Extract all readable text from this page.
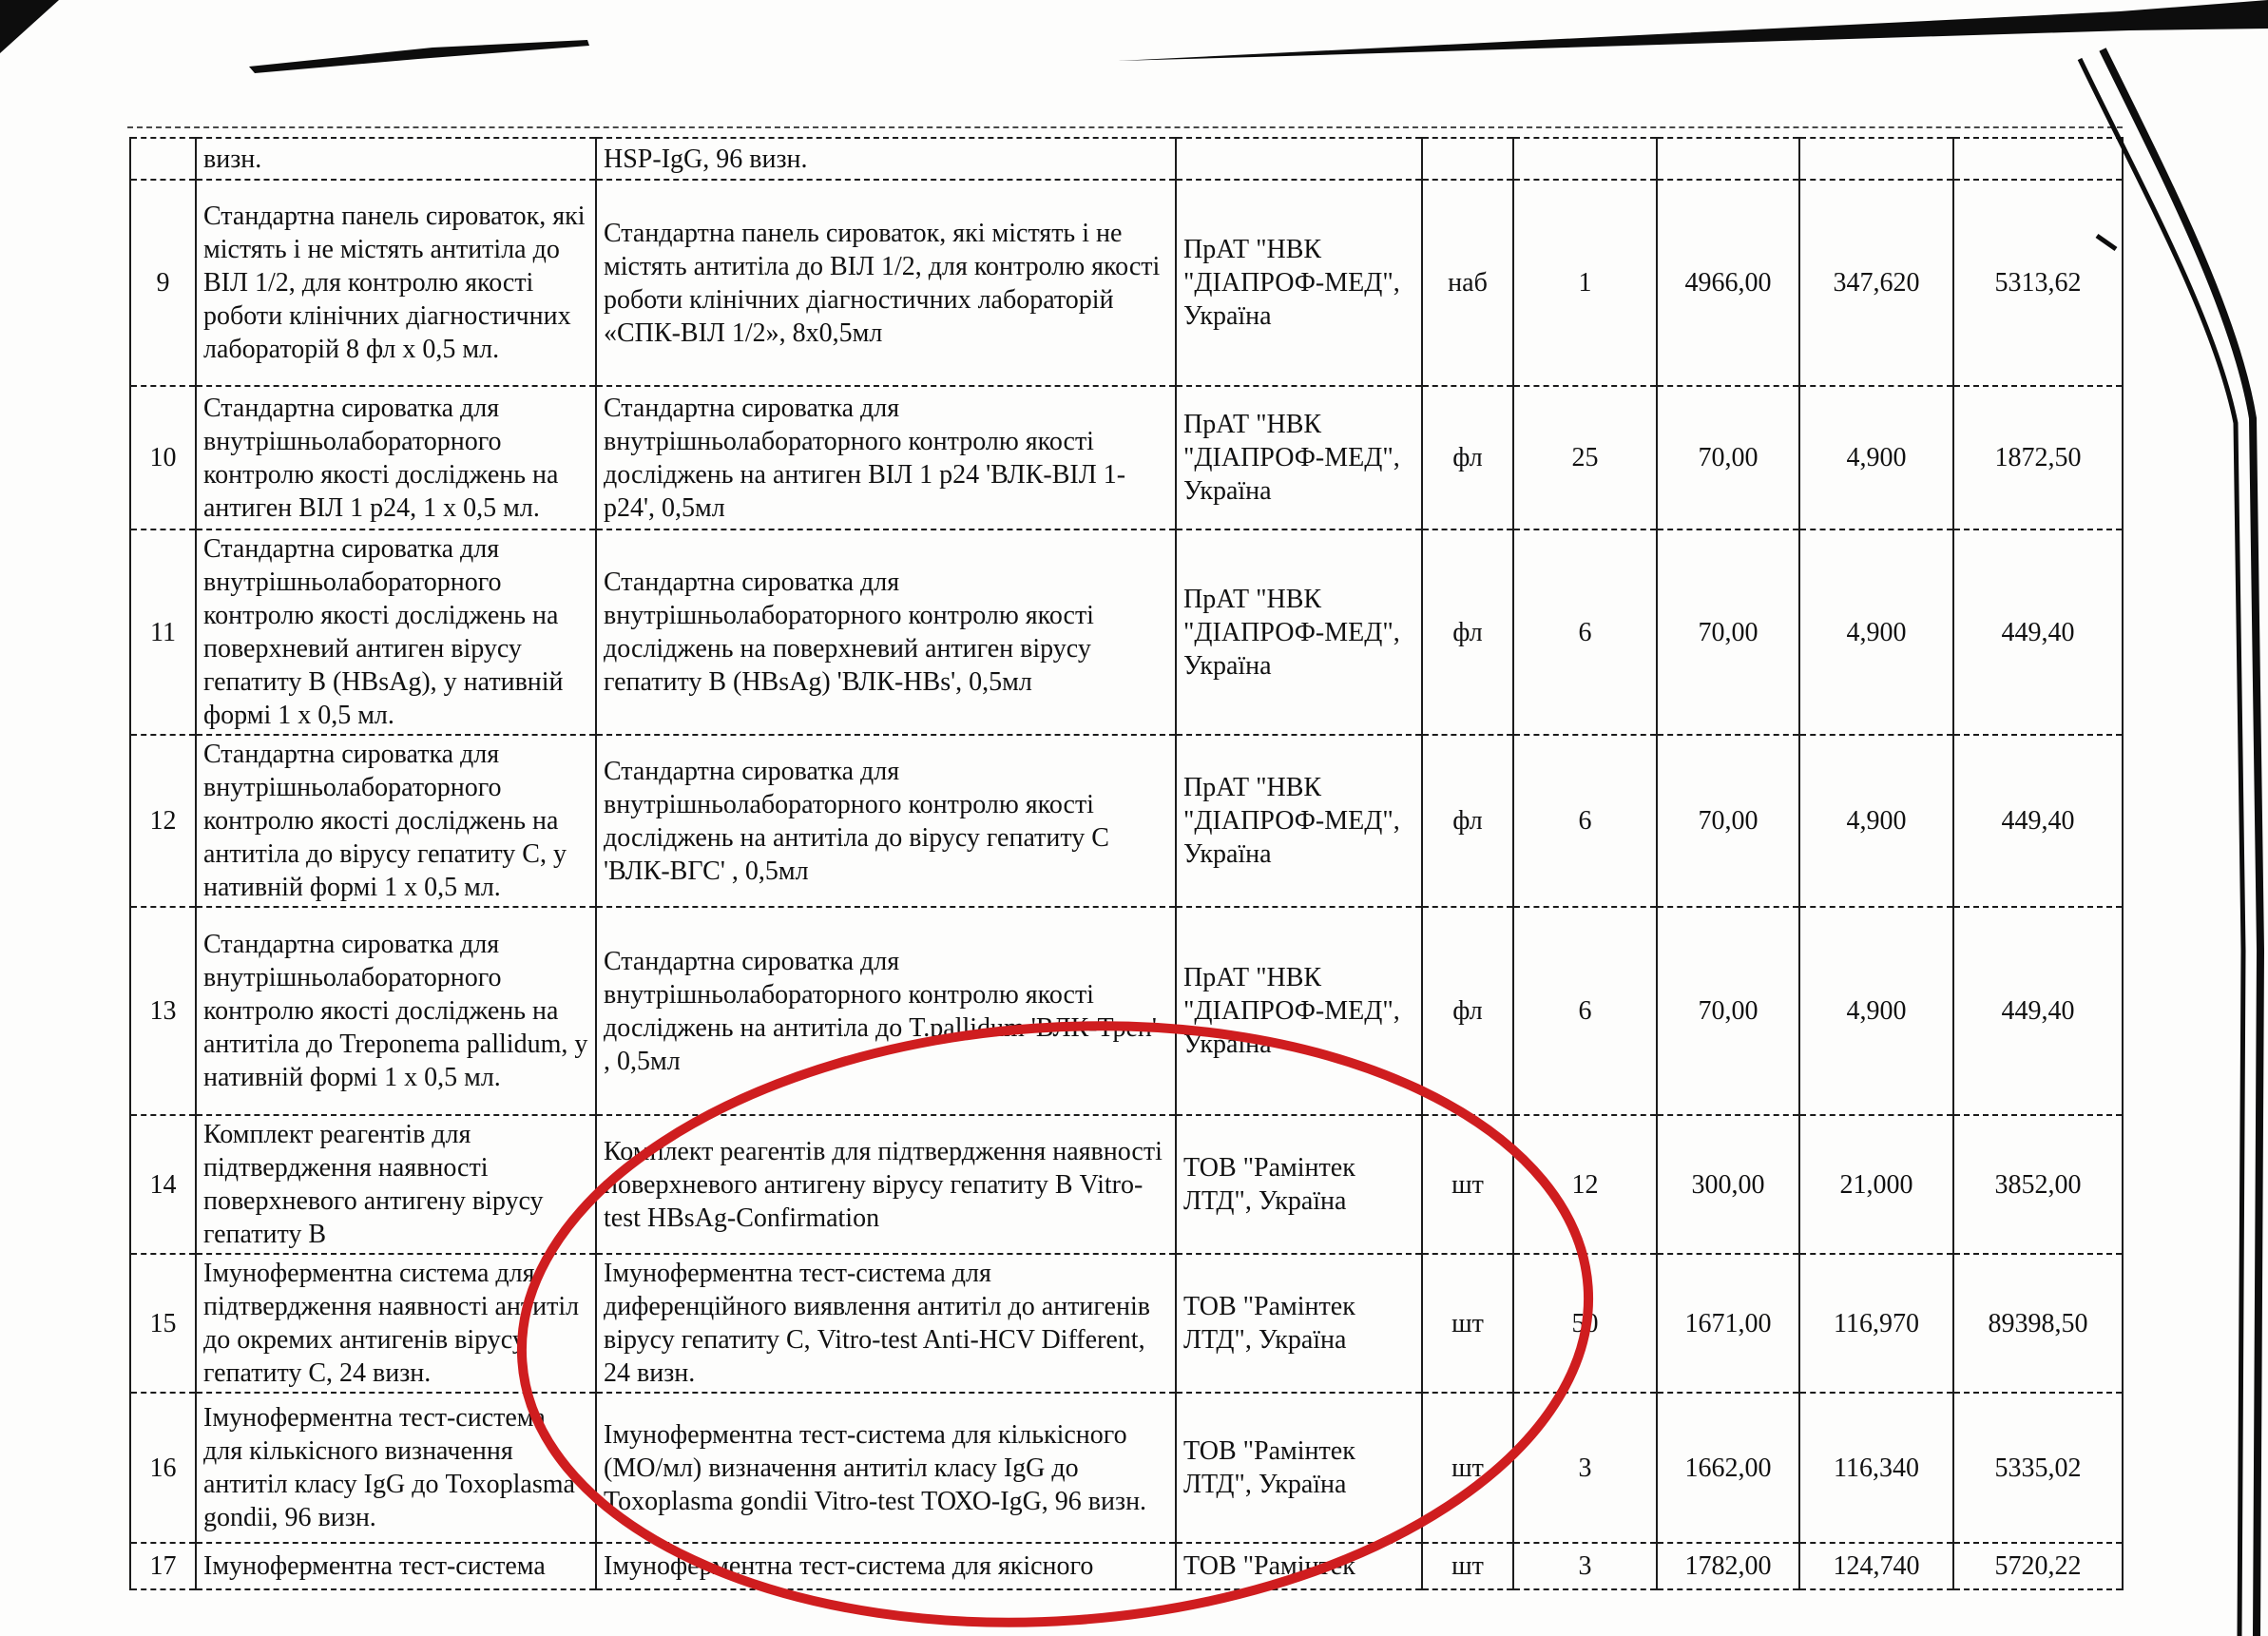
	визн.	HSP-IgG, 96 визн.						
9	Стандартна панель сироваток, які містять і не містять антитіла до ВІЛ 1/2, для контролю якості роботи клінічних діагностичних лабораторій 8 фл х 0,5 мл.	Стандартна панель сироваток, які містять і не містять антитіла до ВІЛ 1/2, для контролю якості роботи клінічних діагностичних лабораторій «СПК-ВІЛ 1/2», 8х0,5мл	ПрАТ "НВК "ДІАПРОФ-МЕД", Україна	наб	1	4966,00	347,620	5313,62
10	Стандартна сироватка для внутрішньолабораторного контролю якості досліджень на антиген ВІЛ 1 р24, 1 х 0,5 мл.	Стандартна сироватка для внутрішньолабораторного контролю якості досліджень на антиген ВІЛ 1 р24 'ВЛК-ВІЛ 1-р24', 0,5мл	ПрАТ "НВК "ДІАПРОФ-МЕД", Україна	фл	25	70,00	4,900	1872,50
11	Стандартна сироватка для внутрішньолабораторного контролю якості досліджень на поверхневий антиген вірусу гепатиту В (HBsAg), у нативній формі 1 х 0,5 мл.	Стандартна сироватка для внутрішньолабораторного контролю якості досліджень на поверхневий антиген вірусу гепатиту В (HBsAg) 'ВЛК-HBs', 0,5мл	ПрАТ "НВК "ДІАПРОФ-МЕД", Україна	фл	6	70,00	4,900	449,40
12	Стандартна сироватка для внутрішньолабораторного контролю якості досліджень на антитіла до вірусу гепатиту С, у нативній формі 1 х 0,5 мл.	Стандартна сироватка для внутрішньолабораторного контролю якості досліджень на антитіла до вірусу гепатиту С 'ВЛК-ВГС' , 0,5мл	ПрАТ "НВК "ДІАПРОФ-МЕД", Україна	фл	6	70,00	4,900	449,40
13	Стандартна сироватка для внутрішньолабораторного контролю якості досліджень на антитіла до Treponema pallidum, у нативній формі 1 х 0,5 мл.	Стандартна сироватка для внутрішньолабораторного контролю якості досліджень на антитіла до T.pallidum 'ВЛК-Треп' , 0,5мл	ПрАТ "НВК "ДІАПРОФ-МЕД", Україна	фл	6	70,00	4,900	449,40
14	Комплект реагентів для підтвердження наявності поверхневого антигену вірусу гепатиту В	Комплект реагентів для підтвердження наявності поверхневого антигену вірусу гепатиту В Vitro-test HBsAg-Confirmation	ТОВ "Рамінтек ЛТД", Україна	шт	12	300,00	21,000	3852,00
15	Імуноферментна система для підтвердження наявності антитіл до окремих антигенів вірусу гепатиту С, 24 визн.	Імуноферментна тест-система для диференційного виявлення антитіл до антигенів вірусу гепатиту С, Vitro-test Anti-HCV Different, 24 визн.	ТОВ "Рамінтек ЛТД", Україна	шт	50	1671,00	116,970	89398,50
16	Імуноферментна тест-система для кількісного визначення антитіл класу IgG до Toxoplasma gondii, 96 визн.	Імуноферментна тест-система для кількісного (МО/мл) визначення антитіл класу IgG до Toxoplasma gondii Vitro-test ТОХО-IgG, 96 визн.	ТОВ "Рамінтек ЛТД", Україна	шт	3	1662,00	116,340	5335,02
17	Імуноферментна тест-система	Імуноферментна тест-система для якісного	ТОВ "Рамінтек	шт	3	1782,00	124,740	5720,22
